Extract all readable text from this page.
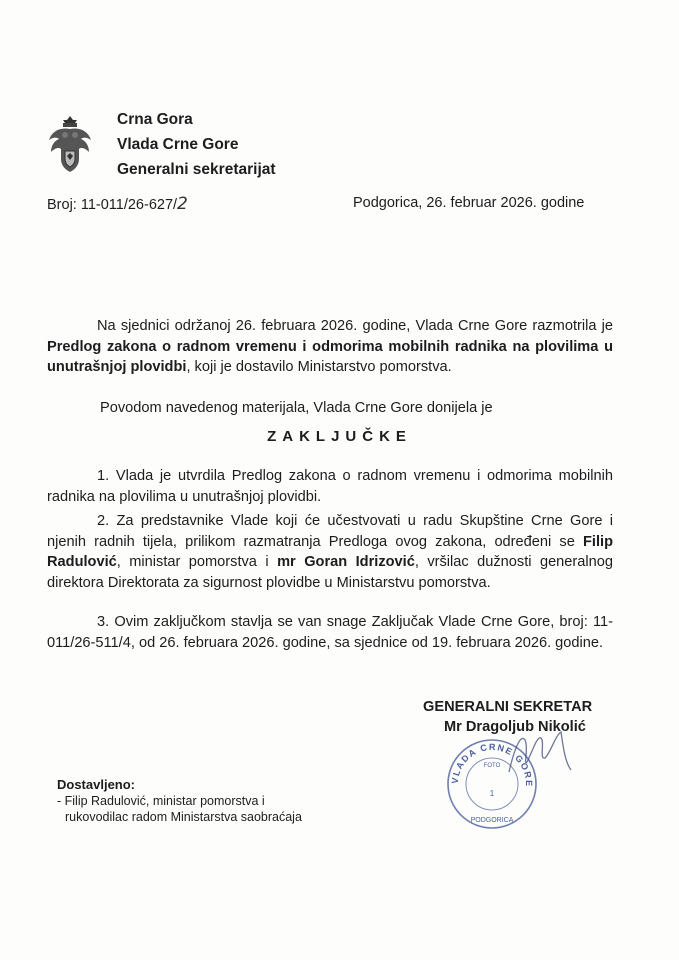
Crna Gora
Vlada Crne Gore
Generalni sekretarijat
Broj: 11-011/26-627/2	Podgorica, 26. februar 2026. godine

Na sjednici održanoj 26. februara 2026. godine, Vlada Crne Gore razmotrila je Predlog zakona o radnom vremenu i odmorima mobilnih radnika na plovilima u unutrašnjoj plovidbi, koji je dostavilo Ministarstvo pomorstva.

Povodom navedenog materijala, Vlada Crne Gore donijela je
ZAKLJUČKE

1. Vlada je utvrdila Predlog zakona o radnom vremenu i odmorima mobilnih radnika na plovilima u unutrašnjoj plovidbi.

2. Za predstavnike Vlade koji će učestvovati u radu Skupštine Crne Gore i njenih radnih tijela, prilikom razmatranja Predloga ovog zakona, određeni se Filip Radulović, ministar pomorstva i mr Goran Idrizović, vršilac dužnosti generalnog direktora Direktorata za sigurnost plovidbe u Ministarstvu pomorstva.

3. Ovim zaključkom stavlja se van snage Zaključak Vlade Crne Gore, broj: 11-011/26-511/4, od 26. februara 2026. godine, sa sjednice od 19. februara 2026. godine.

GENERALNI SEKRETAR
Mr Dragoljub Nikolić
VLADA CRNE GORE
FOTO
1
PODGORICA
Dostavljeno:
- Filip Radulović, ministar pomorstva i
rukovodilac radom Ministarstva saobraćaja
